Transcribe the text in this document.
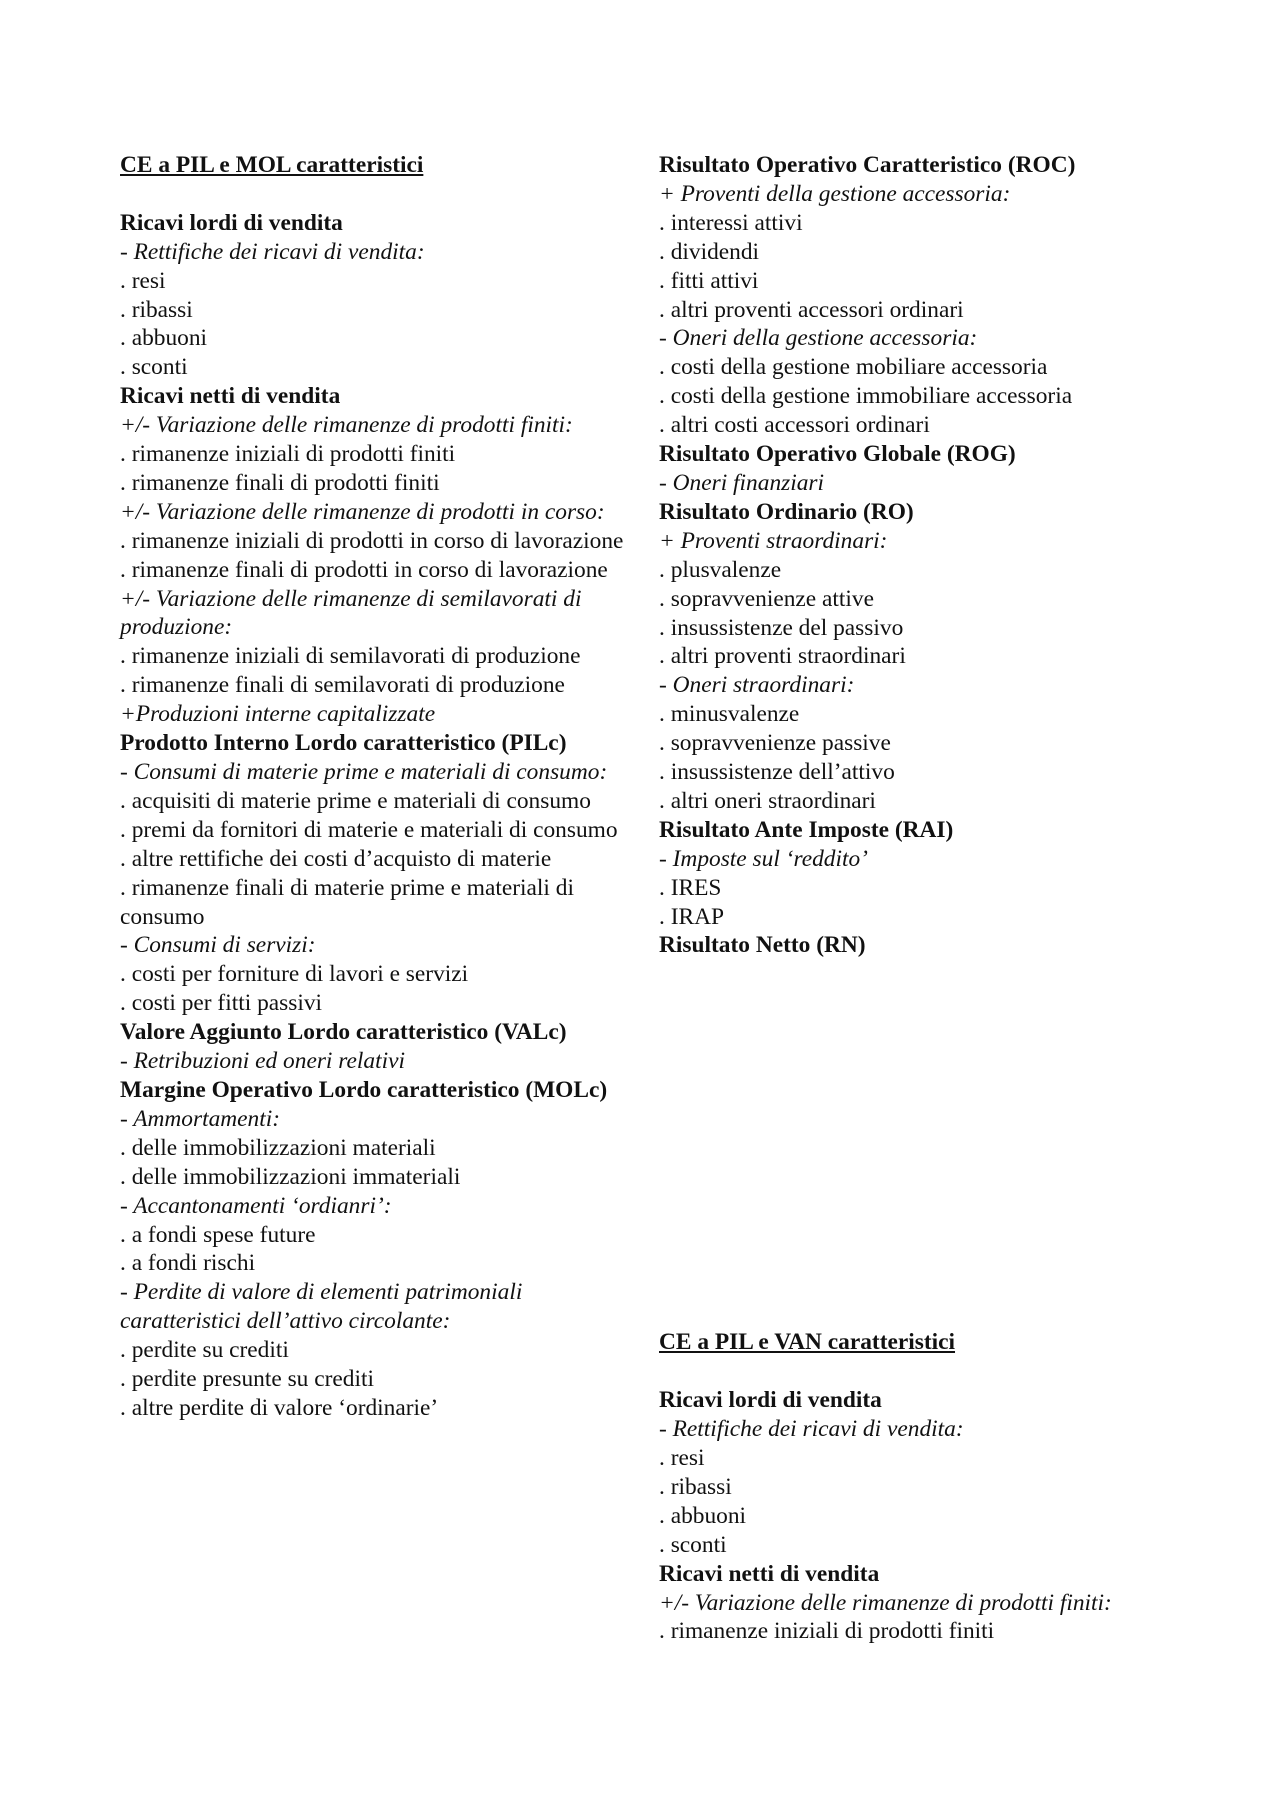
CE a PIL e MOL caratteristici
Ricavi lordi di vendita
- Rettifiche dei ricavi di vendita:
. resi
. ribassi
. abbuoni
. sconti
Ricavi netti di vendita
+/- Variazione delle rimanenze di prodotti finiti:
. rimanenze iniziali di prodotti finiti
. rimanenze finali di prodotti finiti
+/- Variazione delle rimanenze di prodotti in corso:
. rimanenze iniziali di prodotti in corso di lavorazione
. rimanenze finali di prodotti in corso di lavorazione
+/- Variazione delle rimanenze di semilavorati di produzione:
. rimanenze iniziali di semilavorati di produzione
. rimanenze finali di semilavorati di produzione
+Produzioni interne capitalizzate
Prodotto Interno Lordo caratteristico (PILc)
- Consumi di materie prime e materiali di consumo:
. acquisiti di materie prime e materiali di consumo
. premi da fornitori di materie e materiali di consumo
. altre rettifiche dei costi d’acquisto di materie
. rimanenze finali di materie prime e materiali di consumo
- Consumi di servizi:
. costi per forniture di lavori e servizi
. costi per fitti passivi
Valore Aggiunto Lordo caratteristico (VALc)
- Retribuzioni ed oneri relativi
Margine Operativo Lordo caratteristico (MOLc)
- Ammortamenti:
. delle immobilizzazioni materiali
. delle immobilizzazioni immateriali
- Accantonamenti ‘ordianri’:
. a fondi spese future
. a fondi rischi
- Perdite di valore di elementi patrimoniali caratteristici dell’attivo circolante:
. perdite su crediti
. perdite presunte su crediti
. altre perdite di valore ‘ordinarie’
Risultato Operativo Caratteristico (ROC)
+ Proventi della gestione accessoria:
. interessi attivi
. dividendi
. fitti attivi
. altri proventi accessori ordinari
- Oneri della gestione accessoria:
. costi della gestione mobiliare accessoria
. costi della gestione immobiliare accessoria
. altri costi accessori ordinari
Risultato Operativo Globale (ROG)
- Oneri finanziari
Risultato Ordinario (RO)
+ Proventi straordinari:
. plusvalenze
. sopravvenienze attive
. insussistenze del passivo
. altri proventi straordinari
- Oneri straordinari:
. minusvalenze
. sopravvenienze passive
. insussistenze dell’attivo
. altri oneri straordinari
Risultato Ante Imposte (RAI)
- Imposte sul ‘reddito’
. IRES
. IRAP
Risultato Netto (RN)
CE a PIL e VAN caratteristici
Ricavi lordi di vendita
- Rettifiche dei ricavi di vendita:
. resi
. ribassi
. abbuoni
. sconti
Ricavi netti di vendita
+/- Variazione delle rimanenze di prodotti finiti:
. rimanenze iniziali di prodotti finiti
